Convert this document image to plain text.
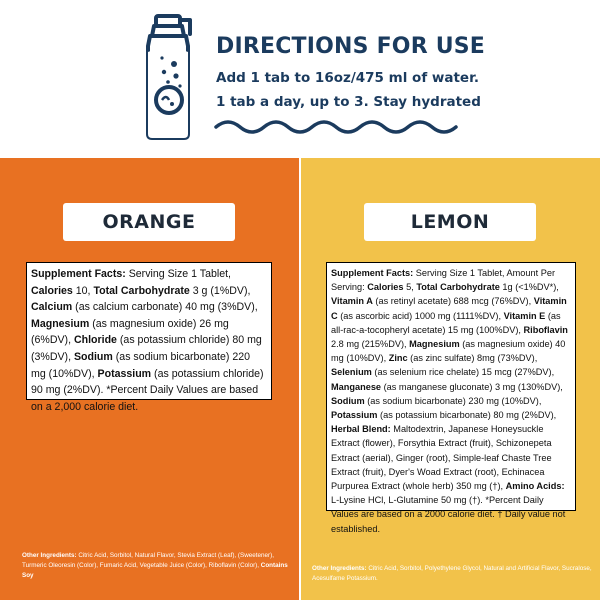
DIRECTIONS FOR USE
Add 1 tab to 16oz/475 ml of water.
1 tab a day, up to 3. Stay hydrated
ORANGE
Supplement Facts: Serving Size 1 Tablet, Calories 10, Total Carbohydrate 3 g (1%DV), Calcium (as calcium carbonate) 40 mg (3%DV), Magnesium (as magnesium oxide) 26 mg (6%DV), Chloride (as potassium chloride) 80 mg (3%DV), Sodium (as sodium bicarbonate) 220 mg (10%DV), Potassium (as potassium chloride) 90 mg (2%DV). *Percent Daily Values are based on a 2,000 calorie diet.
Other Ingredients: Citric Acid, Sorbitol, Natural Flavor, Stevia Extract (Leaf), (Sweetener), Turmeric Oleoresin (Color), Fumaric Acid, Vegetable Juice (Color), Riboflavin (Color), Contains Soy
LEMON
Supplement Facts: Serving Size 1 Tablet, Amount Per Serving: Calories 5, Total Carbohydrate 1g (<1%DV*), Vitamin A (as retinyl acetate) 688 mcg (76%DV), Vitamin C (as ascorbic acid) 1000 mg (1111%DV), Vitamin E (as all-rac-a-tocopheryl acetate) 15 mg (100%DV), Riboflavin 2.8 mg (215%DV), Magnesium (as magnesium oxide) 40 mg (10%DV), Zinc (as zinc sulfate) 8mg (73%DV), Selenium (as selenium rice chelate) 15 mcg (27%DV), Manganese (as manganese gluconate) 3 mg (130%DV), Sodium (as sodium bicarbonate) 230 mg (10%DV), Potassium (as potassium bicarbonate) 80 mg (2%DV), Herbal Blend: Maltodextrin, Japanese Honeysuckle Extract (flower), Forsythia Extract (fruit), Schizonepeta Extract (aerial), Ginger (root), Simple-leaf Chaste Tree Extract (fruit), Dyer's Woad Extract (root), Echinacea Purpurea Extract (whole herb) 350 mg (†), Amino Acids: L-Lysine HCl, L-Glutamine 50 mg (†). *Percent Daily Values are based on a 2000 calorie diet. † Daily value not established.
Other Ingredients: Citric Acid, Sorbitol, Polyethylene Glycol, Natural and Artificial Flavor, Sucralose, Acesulfame Potassium.
